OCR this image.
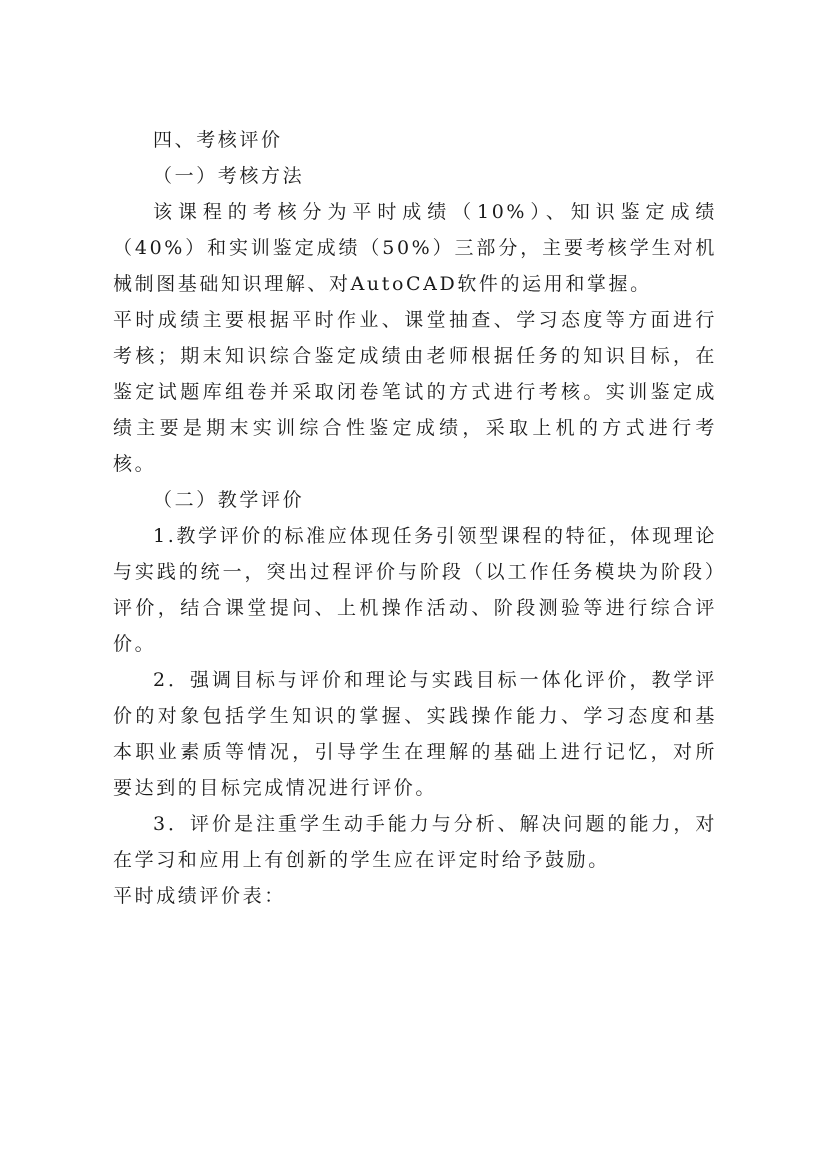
四、考核评价

（一）考核方法

该课程的考核分为平时成绩（10%）、知识鉴定成绩（40%）和实训鉴定成绩（50%）三部分，主要考核学生对机械制图基础知识理解、对AutoCAD软件的运用和掌握。

平时成绩主要根据平时作业、课堂抽查、学习态度等方面进行考核；期末知识综合鉴定成绩由老师根据任务的知识目标，在鉴定试题库组卷并采取闭卷笔试的方式进行考核。实训鉴定成绩主要是期末实训综合性鉴定成绩，采取上机的方式进行考核。

（二）教学评价

1.教学评价的标准应体现任务引领型课程的特征，体现理论与实践的统一，突出过程评价与阶段（以工作任务模块为阶段）评价，结合课堂提问、上机操作活动、阶段测验等进行综合评价。

2．强调目标与评价和理论与实践目标一体化评价，教学评价的对象包括学生知识的掌握、实践操作能力、学习态度和基本职业素质等情况，引导学生在理解的基础上进行记忆，对所要达到的目标完成情况进行评价。

3．评价是注重学生动手能力与分析、解决问题的能力，对在学习和应用上有创新的学生应在评定时给予鼓励。

平时成绩评价表：
